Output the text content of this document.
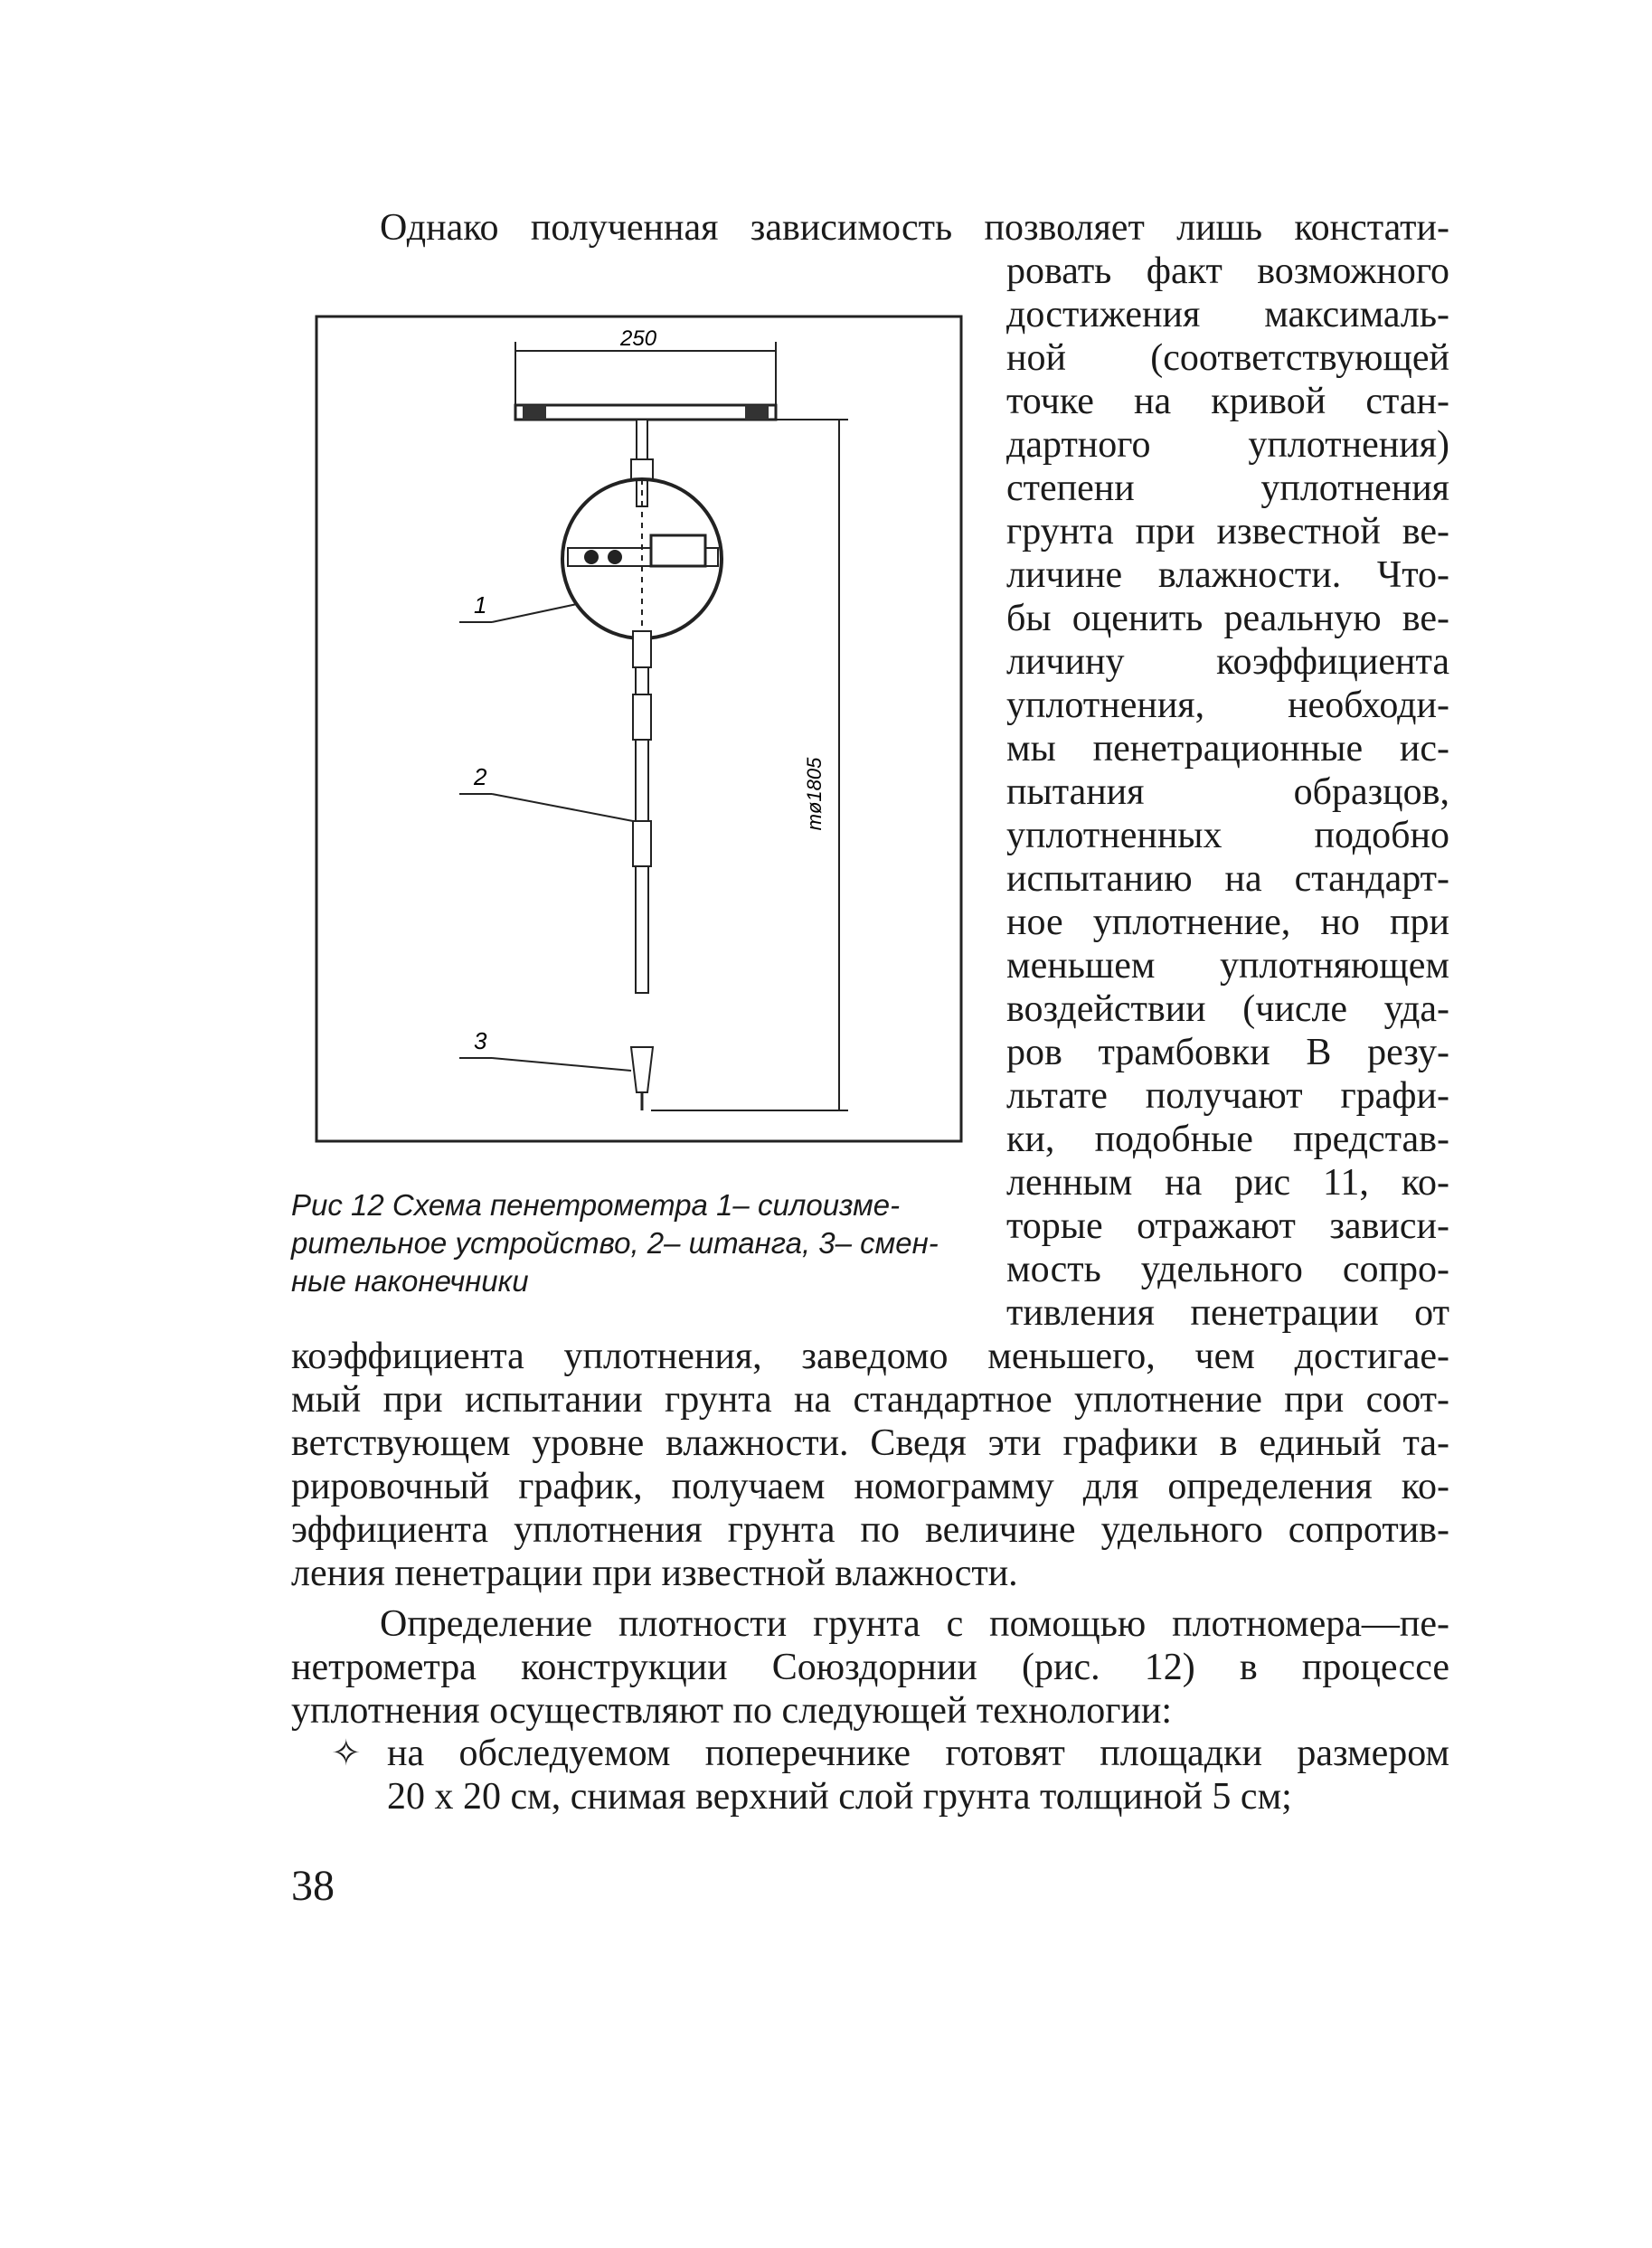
Однако полученная зависимость позволяет лишь констати-
ровать факт возможного
достижения максималь-
ной (соответствующей
точке на кривой стан-
дартного уплотнения)
степени уплотнения
грунта при известной ве-
личине влажности. Что-
бы оценить реальную ве-
личину коэффициента
уплотнения, необходи-
мы пенетрационные ис-
пытания образцов,
уплотненных подобно
испытанию на стандарт-
ное уплотнение, но при
меньшем уплотняющем
воздействии (числе уда-
ров трамбовки В резу-
льтате получают графи-
ки, подобные представ-
ленным на рис 11, ко-
торые отражают зависи-
мость удельного сопро-
тивления пенетрации от
коэффициента уплотнения, заведомо меньшего, чем достигае-
мый при испытании грунта на стандартное уплотнение при соот-
ветствующем уровне влажности. Сведя эти графики в единый та-
рировочный график, получаем номограмму для определения ко-
эффициента уплотнения грунта по величине удельного сопротив-
ления пенетрации при известной влажности.
Определение плотности грунта с помощью плотномера—пе-
нетрометра конструкции Союздорнии (рис. 12) в процессе
уплотнения осуществляют по следующей технологии:
✧ на обследуемом поперечнике готовят площадки размером
20 х 20 см, снимая верхний слой грунта толщиной 5 см;
250
mø1805
1
2
3
Рис 12 Схема пенетрометра 1– силоизме-
рительное устройство, 2– штанга, 3– смен-
ные наконечники
38
